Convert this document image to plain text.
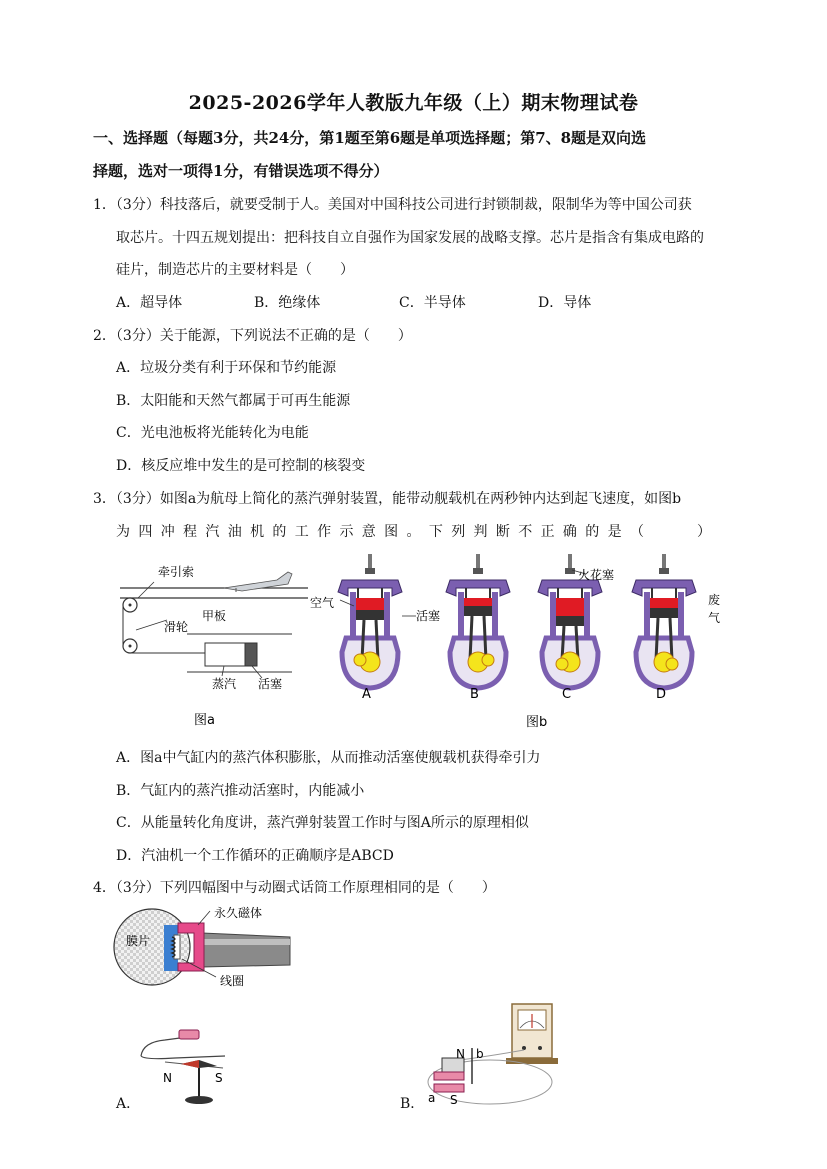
2025-2026学年人教版九年级（上）期末物理试卷
一、选择题（每题3分，共24分，第1题至第6题是单项选择题；第7、8题是双向选
择题，选对一项得1分，有错误选项不得分）
1．（3分）科技落后，就要受制于人。美国对中国科技公司进行封锁制裁，限制华为等中国公司获
取芯片。十四五规划提出：把科技自立自强作为国家发展的战略支撑。芯片是指含有集成电路的
硅片，制造芯片的主要材料是（　　）
A．超导体	B．绝缘体	C．半导体	D．导体
2．（3分）关于能源，下列说法不正确的是（　　）
A．垃圾分类有利于环保和节约能源
B．太阳能和天然气都属于可再生能源
C．光电池板将光能转化为电能
D．核反应堆中发生的是可控制的核裂变
3．（3分）如图a为航母上简化的蒸汽弹射装置，能带动舰载机在两秒钟内达到起飞速度，如图b
为四冲程汽油机的工作示意图。下列判断不正确的是（　　）
牵引索
甲板
滑轮
蒸汽 活塞
图a
A	B	C	D
空气
活塞
火花塞
废
气
图b
A．图a中气缸内的蒸汽体积膨胀，从而推动活塞使舰载机获得牵引力
B．气缸内的蒸汽推动活塞时，内能减小
C．从能量转化角度讲，蒸汽弹射装置工作时与图A所示的原理相似
D．汽油机一个工作循环的正确顺序是ABCD
4．（3分）下列四幅图中与动圈式话筒工作原理相同的是（　　）
膜片
永久磁体
线圈
N	S
A．
N b
a S
B．
